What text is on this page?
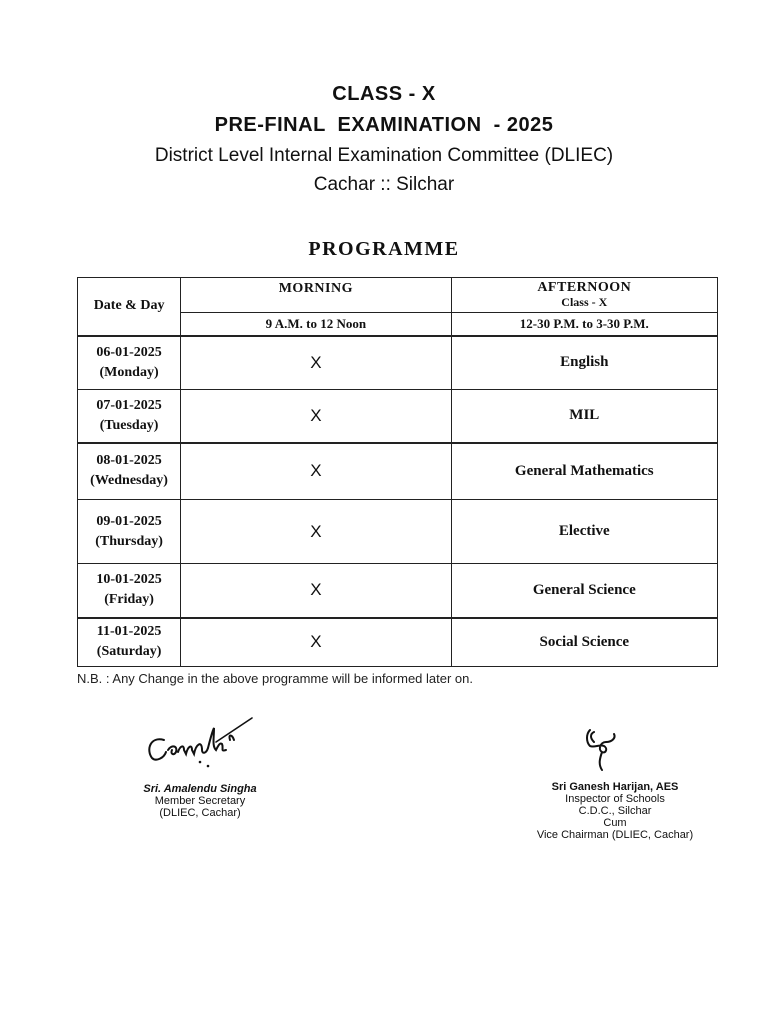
CLASS - X
PRE-FINAL  EXAMINATION  - 2025
District Level Internal Examination Committee (DLIEC)
Cachar :: Silchar
PROGRAMME
Date & Day	MORNING	AFTERNOON
Class - X

	9 A.M. to 12 Noon	12-30 P.M. to 3-30 P.M.

06-01-2025
(Monday)	X	English

07-01-2025
(Tuesday)	X	MIL

08-01-2025
(Wednesday)	X	General Mathematics

09-01-2025
(Thursday)	X	Elective

10-01-2025
(Friday)	X	General Science

11-01-2025
(Saturday)	X	Social Science
N.B. : Any Change in the above programme will be informed later on.
Sri. Amalendu Singha
Member Secretary
(DLIEC, Cachar)
Sri Ganesh Harijan, AES
Inspector of Schools
C.D.C., Silchar
Cum
Vice Chairman (DLIEC, Cachar)
